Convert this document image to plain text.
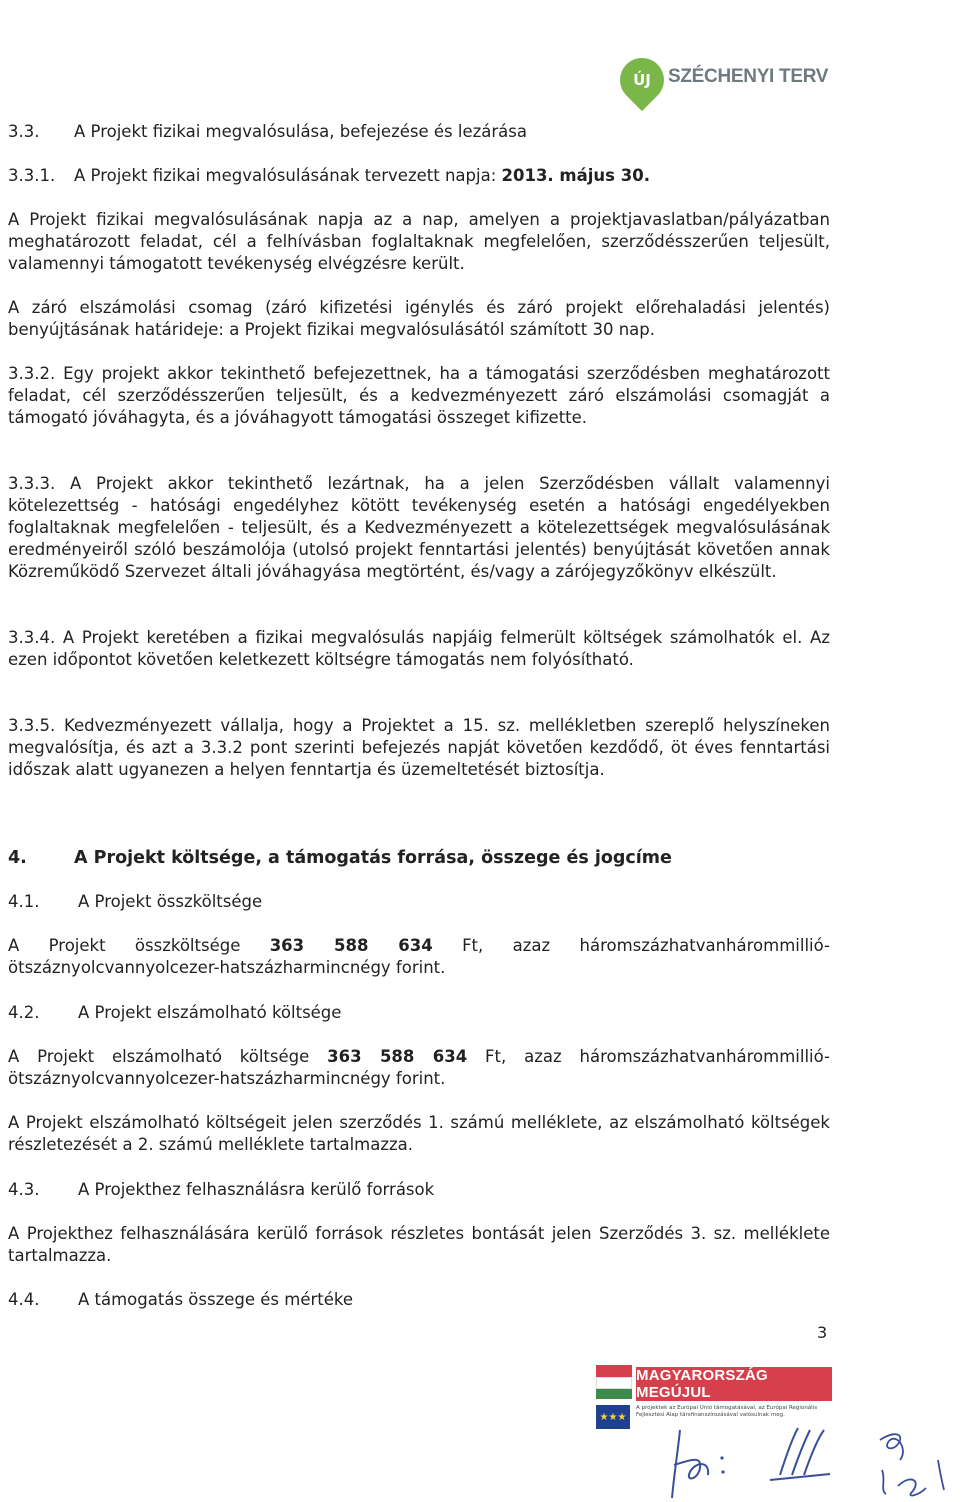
ÚJ SZÉCHENYI TERV
3.3. A Projekt fizikai megvalósulása, befejezése és lezárása
3.3.1. A Projekt fizikai megvalósulásának tervezett napja: 2013. május 30.
A Projekt fizikai megvalósulásának napja az a nap, amelyen a projektjavaslatban/pályázatban meghatározott feladat, cél a felhívásban foglaltaknak megfelelően, szerződésszerűen teljesült, valamennyi támogatott tevékenység elvégzésre került.
A záró elszámolási csomag (záró kifizetési igénylés és záró projekt előrehaladási jelentés) benyújtásának határideje: a Projekt fizikai megvalósulásától számított 30 nap.
3.3.2. Egy projekt akkor tekinthető befejezettnek, ha a támogatási szerződésben meghatározott feladat, cél szerződésszerűen teljesült, és a kedvezményezett záró elszámolási csomagját a támogató jóváhagyta, és a jóváhagyott támogatási összeget kifizette.
3.3.3. A Projekt akkor tekinthető lezártnak, ha a jelen Szerződésben vállalt valamennyi kötelezettség - hatósági engedélyhez kötött tevékenység esetén a hatósági engedélyekben foglaltaknak megfelelően - teljesült, és a Kedvezményezett a kötelezettségek megvalósulásának eredményeiről szóló beszámolója (utolsó projekt fenntartási jelentés) benyújtását követően annak Közreműködő Szervezet általi jóváhagyása megtörtént, és/vagy a zárójegyzőkönyv elkészült.
3.3.4. A Projekt keretében a fizikai megvalósulás napjáig felmerült költségek számolhatók el. Az ezen időpontot követően keletkezett költségre támogatás nem folyósítható.
3.3.5. Kedvezményezett vállalja, hogy a Projektet a 15. sz. mellékletben szereplő helyszíneken megvalósítja, és azt a 3.3.2 pont szerinti befejezés napját követően kezdődő, öt éves fenntartási időszak alatt ugyanezen a helyen fenntartja és üzemeltetését biztosítja.
4.	A Projekt költsége, a támogatás forrása, összege és jogcíme
4.1. A Projekt összköltsége
A Projekt összköltsége 363 588 634 Ft, azaz háromszázhatvanhárommillió-ötszáznyolcvannyolcezer-hatszázharmincnégy forint.
4.2. A Projekt elszámolható költsége
A Projekt elszámolható költsége 363 588 634 Ft, azaz háromszázhatvanhárommillió-ötszáznyolcvannyolcezer-hatszázharmincnégy forint.
A Projekt elszámolható költségeit jelen szerződés 1. számú melléklete, az elszámolható költségek részletezését a 2. számú melléklete tartalmazza.
4.3. A Projekthez felhasználásra kerülő források
A Projekthez felhasználására kerülő források részletes bontását jelen Szerződés 3. sz. melléklete tartalmazza.
4.4. A támogatás összege és mértéke
3
★★★
MAGYARORSZÁG MEGÚJUL
A projektek az Európai Unió támogatásával, az Európai Regionális Fejlesztési Alap társfinanszírozásával valósulnak meg.
